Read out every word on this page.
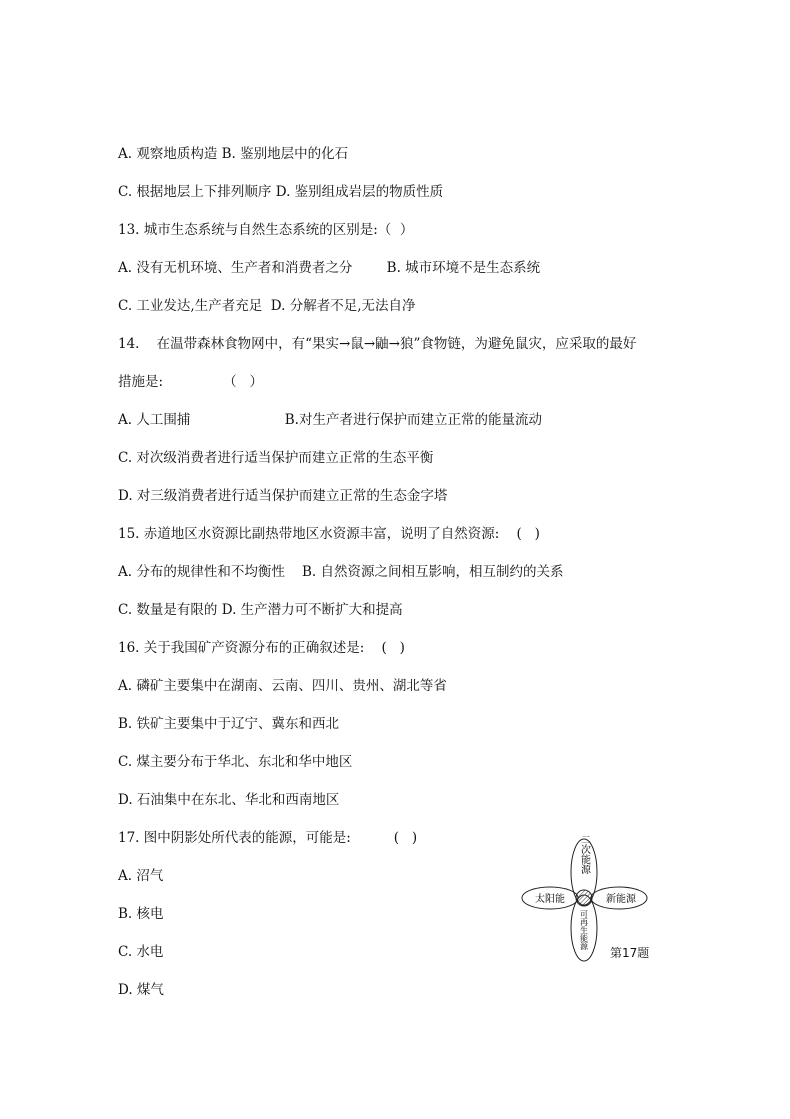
A. 观察地质构造 B. 鉴别地层中的化石
C. 根据地层上下排列顺序 D. 鉴别组成岩层的物质性质
13. 城市生态系统与自然生态系统的区别是:（  ）
A. 没有无机环境、生产者和消费者之分        B. 城市环境不是生态系统
C. 工业发达,生产者充足  D. 分解者不足,无法自净
14.    在温带森林食物网中，有“果实→鼠→鼬→狼”食物链，为避免鼠灾，应采取的最好
措施是:              （   ）
A. 人工围捕                      B.对生产者进行保护而建立正常的能量流动
C. 对次级消费者进行适当保护而建立正常的生态平衡
D. 对三级消费者进行适当保护而建立正常的生态金字塔
15. 赤道地区水资源比副热带地区水资源丰富，说明了自然资源:    (   )
A. 分布的规律性和不均衡性    B. 自然资源之间相互影响，相互制约的关系
C. 数量是有限的 D. 生产潜力可不断扩大和提高
16. 关于我国矿产资源分布的正确叙述是:    (   )
A. 磷矿主要集中在湖南、云南、四川、贵州、湖北等省
B. 铁矿主要集中于辽宁、冀东和西北
C. 煤主要分布于华北、东北和华中地区
D. 石油集中在东北、华北和西南地区
17. 图中阴影处所代表的能源，可能是:          (   )
A. 沼气
B. 核电
C. 水电
D. 煤气
二次能源
太阳能	新能源
可再生能源
第17题
